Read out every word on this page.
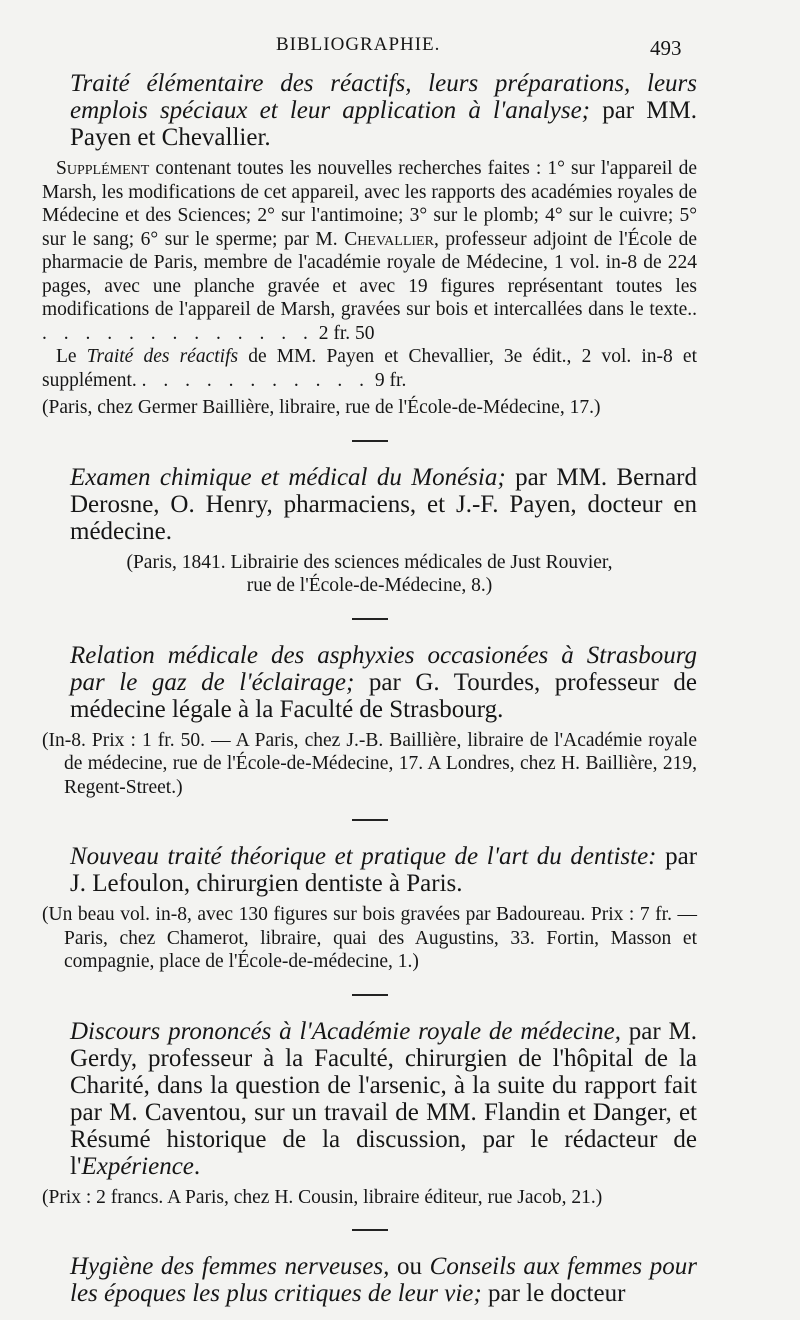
BIBLIOGRAPHIE.	493

Traité élémentaire des réactifs, leurs préparations, leurs emplois spéciaux et leur application à l'analyse; par MM. Payen et Chevallier.

Supplément contenant toutes les nouvelles recherches faites : 1° sur l'appareil de Marsh, les modifications de cet appareil, avec les rapports des académies royales de Médecine et des Sciences; 2° sur l'antimoine; 3° sur le plomb; 4° sur le cuivre; 5° sur le sang; 6° sur le sperme; par M. Chevallier, professeur adjoint de l'École de pharmacie de Paris, membre de l'académie royale de Médecine, 1 vol. in-8 de 224 pages, avec une planche gravée et avec 19 figures représentant toutes les modifications de l'appareil de Marsh, gravées sur bois et intercallées dans le texte.. . . . . . . . . . . . . . 2 fr. 50

Le Traité des réactifs de MM. Payen et Chevallier, 3e édit., 2 vol. in-8 et supplément. . . . . . . . . . . . 9 fr.

(Paris, chez Germer Baillière, libraire, rue de l'École-de-Médecine, 17.)

Examen chimique et médical du Monésia; par MM. Bernard Derosne, O. Henry, pharmaciens, et J.-F. Payen, docteur en médecine.

(Paris, 1841. Librairie des sciences médicales de Just Rouvier,

rue de l'École-de-Médecine, 8.)

Relation médicale des asphyxies occasionées à Strasbourg par le gaz de l'éclairage; par G. Tourdes, professeur de médecine légale à la Faculté de Strasbourg.

(In-8. Prix : 1 fr. 50. — A Paris, chez J.-B. Baillière, libraire de l'Académie royale de médecine, rue de l'École-de-Médecine, 17. A Londres, chez H. Baillière, 219, Regent-Street.)

Nouveau traité théorique et pratique de l'art du dentiste: par J. Lefoulon, chirurgien dentiste à Paris.

(Un beau vol. in-8, avec 130 figures sur bois gravées par Badoureau. Prix : 7 fr. — Paris, chez Chamerot, libraire, quai des Augustins, 33. Fortin, Masson et compagnie, place de l'École-de-médecine, 1.)

Discours prononcés à l'Académie royale de médecine, par M. Gerdy, professeur à la Faculté, chirurgien de l'hôpital de la Charité, dans la question de l'arsenic, à la suite du rapport fait par M. Caventou, sur un travail de MM. Flandin et Danger, et Résumé historique de la discussion, par le rédacteur de l'Expérience.

(Prix : 2 francs. A Paris, chez H. Cousin, libraire éditeur, rue Jacob, 21.)

Hygiène des femmes nerveuses, ou Conseils aux femmes pour les époques les plus critiques de leur vie; par le docteur
